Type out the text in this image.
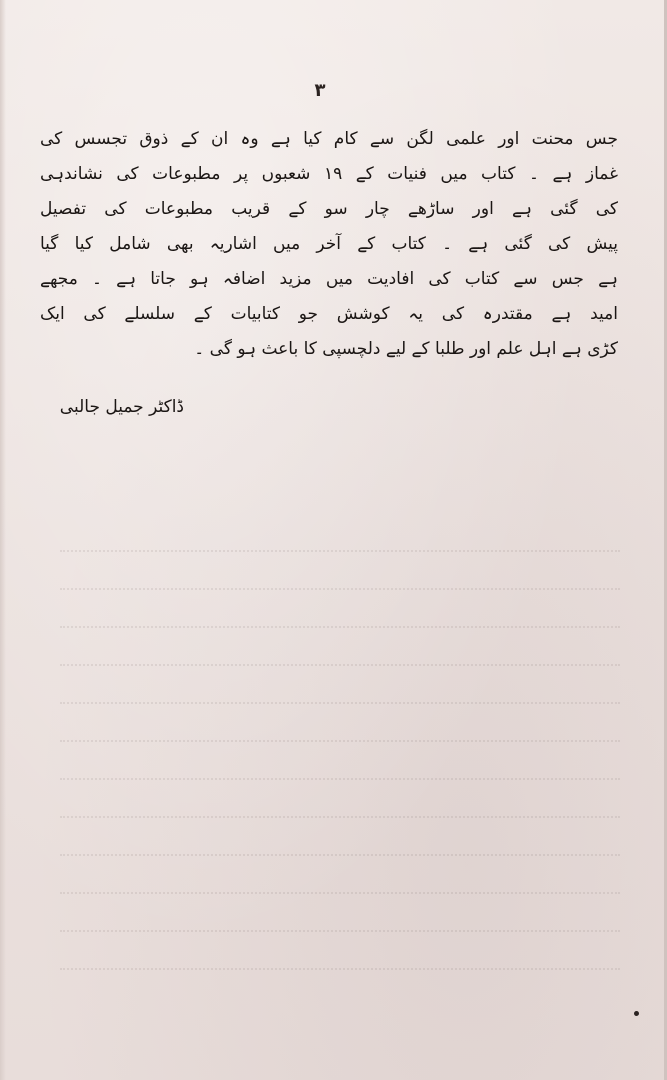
۳
جس محنت اور علمی لگن سے کام کیا ہے وہ ان کے ذوق تجسس کی
غماز ہے ۔ کتاب میں فنیات کے ۱۹ شعبوں پر مطبوعات کی نشاندہی
کی گئی ہے اور ساڑھے چار سو کے قریب مطبوعات کی تفصیل
پیش کی گئی ہے ۔ کتاب کے آخر میں اشاریہ بھی شامل کیا گیا
ہے جس سے کتاب کی افادیت میں مزید اضافہ ہو جاتا ہے ۔ مجھے
امید ہے مقتدرہ کی یہ کوشش جو کتابیات کے سلسلے کی ایک
کڑی ہے اہل علم اور طلبا کے لیے دلچسپی کا باعث ہو گی ۔
ڈاکٹر جمیل جالبی
